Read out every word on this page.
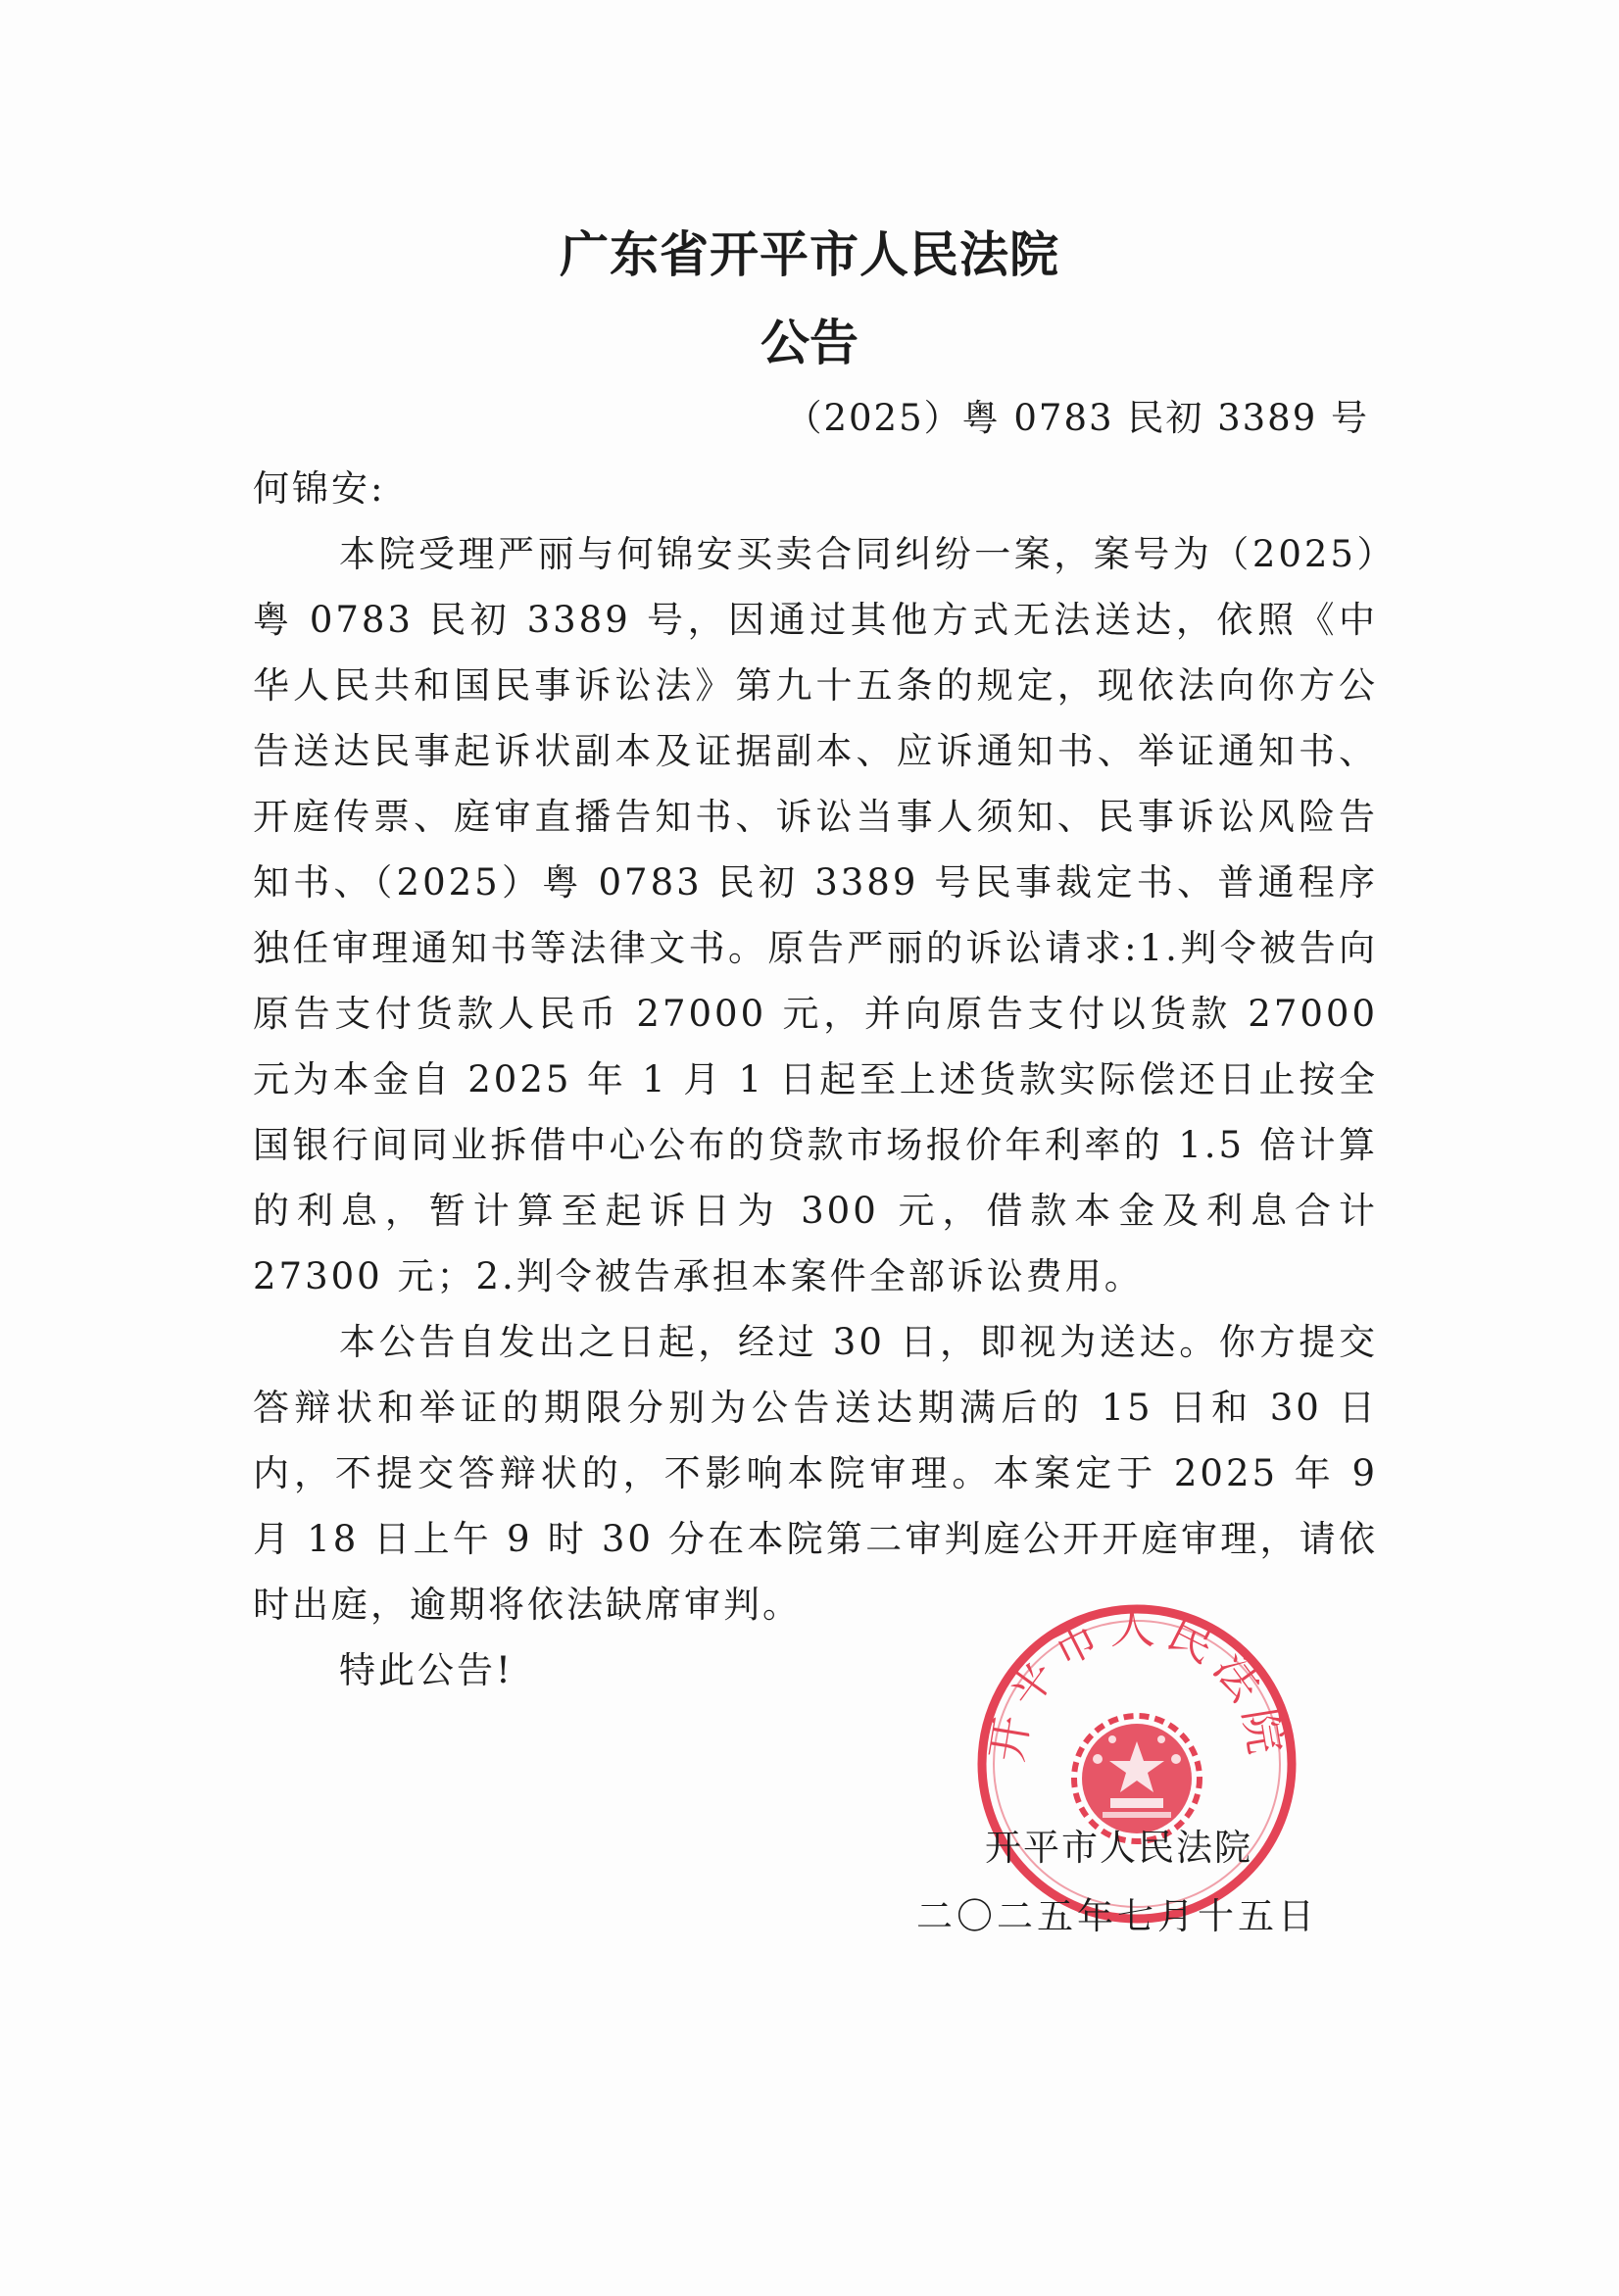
广东省开平市人民法院
公告
（2025）粤 0783 民初 3389 号

何锦安:

本院受理严丽与何锦安买卖合同纠纷一案，案号为（2025）粤 0783 民初 3389 号，因通过其他方式无法送达，依照《中华人民共和国民事诉讼法》第九十五条的规定，现依法向你方公告送达民事起诉状副本及证据副本、应诉通知书、举证通知书、开庭传票、庭审直播告知书、诉讼当事人须知、民事诉讼风险告知书、（2025）粤 0783 民初 3389 号民事裁定书、普通程序独任审理通知书等法律文书。原告严丽的诉讼请求:1.判令被告向原告支付货款人民币 27000 元，并向原告支付以货款 27000 元为本金自 2025 年 1 月 1 日起至上述货款实际偿还日止按全国银行间同业拆借中心公布的贷款市场报价年利率的 1.5 倍计算的利息，暂计算至起诉日为 300 元，借款本金及利息合计 27300 元；2.判令被告承担本案件全部诉讼费用。

本公告自发出之日起，经过 30 日，即视为送达。你方提交答辩状和举证的期限分别为公告送达期满后的 15 日和 30 日内，不提交答辩状的，不影响本院审理。本案定于 2025 年 9 月 18 日上午 9 时 30 分在本院第二审判庭公开开庭审理，请依时出庭，逾期将依法缺席审判。

特此公告!

开平市人民法院
开平市人民法院
二〇二五年七月十五日
